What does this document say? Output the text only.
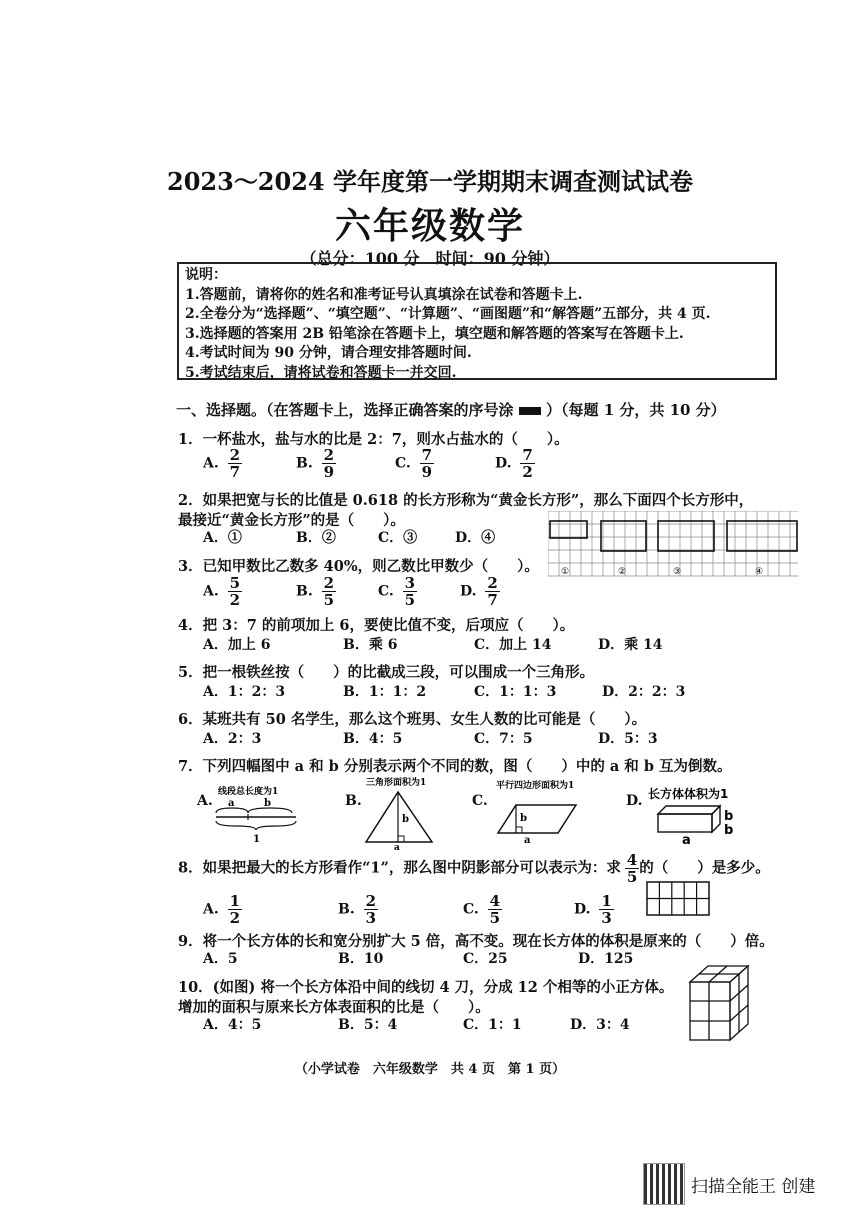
2023～2024 学年度第一学期期末调查测试试卷
六年级数学
（总分：100 分　时间：90 分钟）
说明：
1.答题前，请将你的姓名和准考证号认真填涂在试卷和答题卡上.
2.全卷分为“选择题”、“填空题”、“计算题”、“画图题”和“解答题”五部分，共 4 页.
3.选择题的答案用 2B 铅笔涂在答题卡上，填空题和解答题的答案写在答题卡上.
4.考试时间为 90 分钟，请合理安排答题时间.
5.考试结束后，请将试卷和答题卡一并交回.
一、选择题。（在答题卡上，选择正确答案的序号涂 ）（每题 1 分，共 10 分）
1．一杯盐水，盐与水的比是 2：7，则水占盐水的（　　）。
A. $\frac{2}{7}$	B. $\frac{2}{9}$	C. $\frac{7}{9}$	D. $\frac{7}{2}$
2．如果把宽与长的比值是 0.618 的长方形称为“黄金长方形”，那么下面四个长方形中，
最接近“黄金长方形”的是（　　）。
A．①	B．②	C．③	D．④
①	②	③	④
3．已知甲数比乙数多 40%，则乙数比甲数少（　　）。
A. $\frac{5}{2}$	B. $\frac{2}{5}$	C. $\frac{3}{5}$	D. $\frac{2}{7}$
4．把 3：7 的前项加上 6，要使比值不变，后项应（　　）。
A．加上 6	B．乘 6	C．加上 14	D．乘 14
5．把一根铁丝按（　　）的比截成三段，可以围成一个三角形。
A．1：2：3	B．1：1：2	C．1：1：3	D．2：2：3
6．某班共有 50 名学生，那么这个班男、女生人数的比可能是（　　）。
A．2：3	B．4：5	C．7：5	D．5：3
7．下列四幅图中 a 和 b 分别表示两个不同的数，图（　　）中的 a 和 b 互为倒数。
A.
线段总长度为1
a	b
1
B.
三角形面积为1
b
a
C.
平行四边形面积为1
b
a
D. 长方体体积为1
b
b
a
8．如果把最大的长方形看作“1”，那么图中阴影部分可以表示为：求 $\frac{4}{5}$ 的（　　）是多少。
A. $\frac{1}{2}$	B. $\frac{2}{3}$	C. $\frac{4}{5}$	D. $\frac{1}{3}$
9．将一个长方体的长和宽分别扩大 5 倍，高不变。现在长方体的体积是原来的（　　）倍。
A．5	B．10	C．25	D．125
10．(如图) 将一个长方体沿中间的线切 4 刀，分成 12 个相等的小正方体。
增加的面积与原来长方体表面积的比是（　　）。
A．4：5	B．5：4	C．1：1	D．3：4
（小学试卷　六年级数学　共 4 页　第 1 页）
扫描全能王 创建
